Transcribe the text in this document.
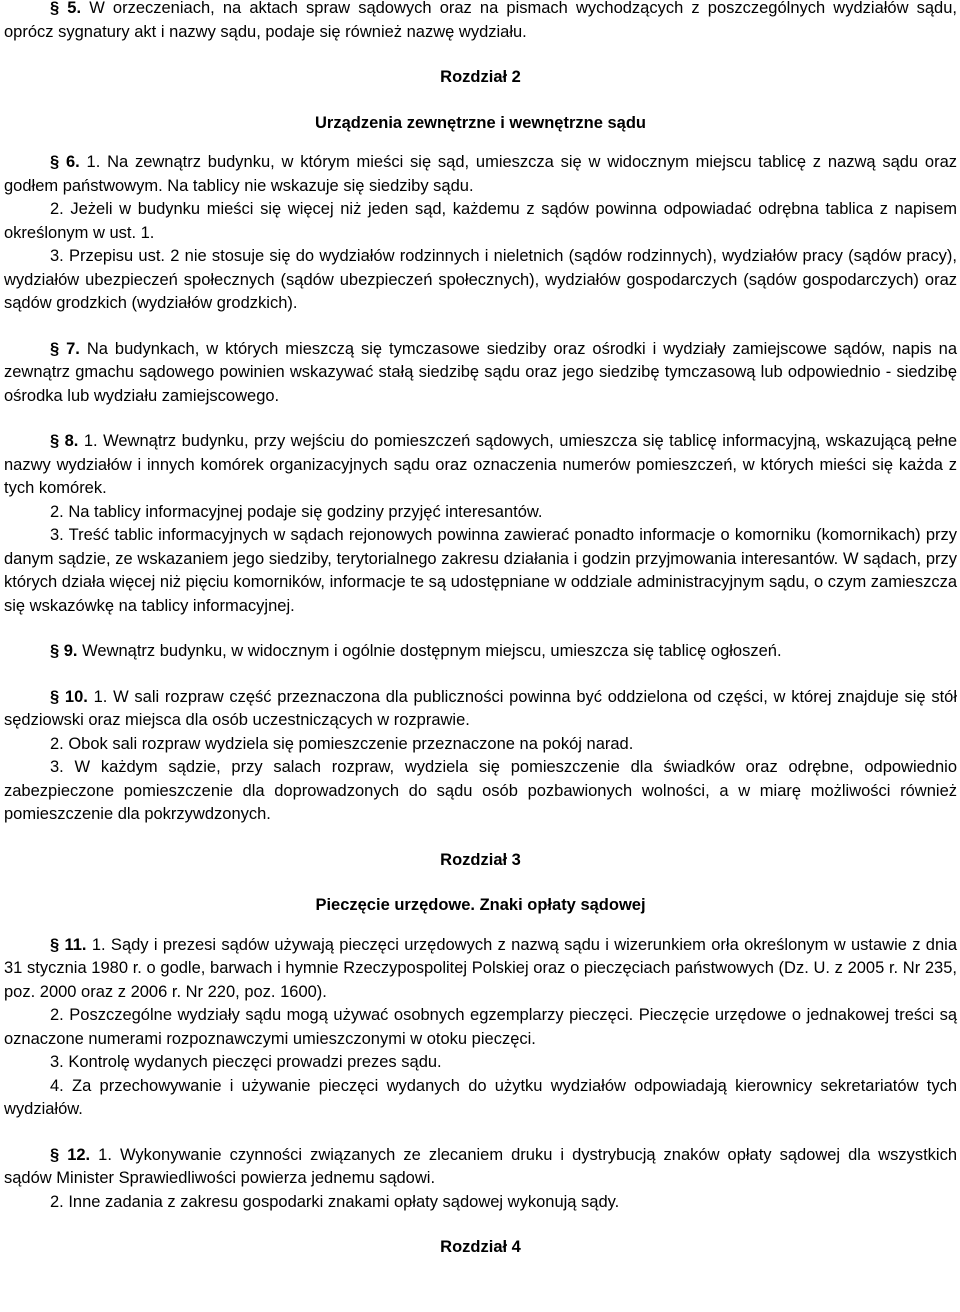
§ 5. W orzeczeniach, na aktach spraw sądowych oraz na pismach wychodzących z poszczególnych wydziałów sądu, oprócz sygnatury akt i nazwy sądu, podaje się również nazwę wydziału.

Rozdział 2

Urządzenia zewnętrzne i wewnętrzne sądu

§ 6. 1. Na zewnątrz budynku, w którym mieści się sąd, umieszcza się w widocznym miejscu tablicę z nazwą sądu oraz godłem państwowym. Na tablicy nie wskazuje się siedziby sądu.

2. Jeżeli w budynku mieści się więcej niż jeden sąd, każdemu z sądów powinna odpowiadać odrębna tablica z napisem określonym w ust. 1.

3. Przepisu ust. 2 nie stosuje się do wydziałów rodzinnych i nieletnich (sądów rodzinnych), wydziałów pracy (sądów pracy), wydziałów ubezpieczeń społecznych (sądów ubezpieczeń społecznych), wydziałów gospodarczych (sądów gospodarczych) oraz sądów grodzkich (wydziałów grodzkich).

§ 7. Na budynkach, w których mieszczą się tymczasowe siedziby oraz ośrodki i wydziały zamiejscowe sądów, napis na zewnątrz gmachu sądowego powinien wskazywać stałą siedzibę sądu oraz jego siedzibę tymczasową lub odpowiednio - siedzibę ośrodka lub wydziału zamiejscowego.

§ 8. 1. Wewnątrz budynku, przy wejściu do pomieszczeń sądowych, umieszcza się tablicę informacyjną, wskazującą pełne nazwy wydziałów i innych komórek organizacyjnych sądu oraz oznaczenia numerów pomieszczeń, w których mieści się każda z tych komórek.

2. Na tablicy informacyjnej podaje się godziny przyjęć interesantów.

3. Treść tablic informacyjnych w sądach rejonowych powinna zawierać ponadto informacje o komorniku (komornikach) przy danym sądzie, ze wskazaniem jego siedziby, terytorialnego zakresu działania i godzin przyjmowania interesantów. W sądach, przy których działa więcej niż pięciu komorników, informacje te są udostępniane w oddziale administracyjnym sądu, o czym zamieszcza się wskazówkę na tablicy informacyjnej.

§ 9. Wewnątrz budynku, w widocznym i ogólnie dostępnym miejscu, umieszcza się tablicę ogłoszeń.

§ 10. 1. W sali rozpraw część przeznaczona dla publiczności powinna być oddzielona od części, w której znajduje się stół sędziowski oraz miejsca dla osób uczestniczących w rozprawie.

2. Obok sali rozpraw wydziela się pomieszczenie przeznaczone na pokój narad.

3. W każdym sądzie, przy salach rozpraw, wydziela się pomieszczenie dla świadków oraz odrębne, odpowiednio zabezpieczone pomieszczenie dla doprowadzonych do sądu osób pozbawionych wolności, a w miarę możliwości również pomieszczenie dla pokrzywdzonych.

Rozdział 3

Pieczęcie urzędowe. Znaki opłaty sądowej

§ 11. 1. Sądy i prezesi sądów używają pieczęci urzędowych z nazwą sądu i wizerunkiem orła określonym w ustawie z dnia 31 stycznia 1980 r. o godle, barwach i hymnie Rzeczypospolitej Polskiej oraz o pieczęciach państwowych (Dz. U. z 2005 r. Nr 235, poz. 2000 oraz z 2006 r. Nr 220, poz. 1600).

2. Poszczególne wydziały sądu mogą używać osobnych egzemplarzy pieczęci. Pieczęcie urzędowe o jednakowej treści są oznaczone numerami rozpoznawczymi umieszczonymi w otoku pieczęci.

3. Kontrolę wydanych pieczęci prowadzi prezes sądu.

4. Za przechowywanie i używanie pieczęci wydanych do użytku wydziałów odpowiadają kierownicy sekretariatów tych wydziałów.

§ 12. 1. Wykonywanie czynności związanych ze zlecaniem druku i dystrybucją znaków opłaty sądowej dla wszystkich sądów Minister Sprawiedliwości powierza jednemu sądowi.

2. Inne zadania z zakresu gospodarki znakami opłaty sądowej wykonują sądy.

Rozdział 4
